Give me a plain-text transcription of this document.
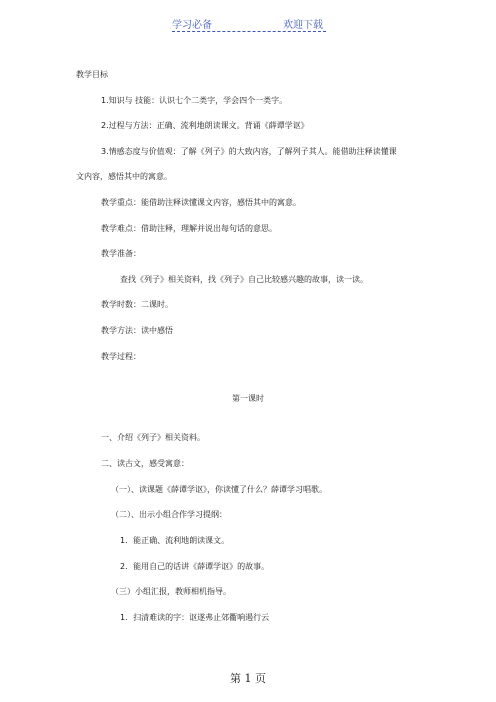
学习必备	欢迎下载
教学目标
1.知识与 技能：认识七个二类字，学会四个一类字。
2.过程与方法：正确、流利地朗读课文。背诵《薛谭学讴》
3.情感态度与价值观：了解《列子》的大致内容，了解列子其人。能借助注释读懂课
文内容，感悟其中的寓意。
教学重点：能借助注释读懂课文内容，感悟其中的寓意。
教学难点：借助注释，理解并说出每句话的意思。
教学准备：
查找《列子》相关资料，找《列子》自己比较感兴趣的故事，读一读。
教学时数：二课时。
教学方法：读中感悟
教学过程：
第一课时
一、介绍《列子》相关资料。
二、读古文，感受寓意：
（一）、读课题《薛谭学讴》，你读懂了什么？薛谭学习唱歌。
（二）、出示小组合作学习提纲：
1．能正确、流利地朗读课文。
2．能用自己的话讲《薛谭学讴》的故事。
（三）小组汇报，教师相机指导。
1．扫清难读的字：讴遂弗止郊衢响遏行云
第 1 页
